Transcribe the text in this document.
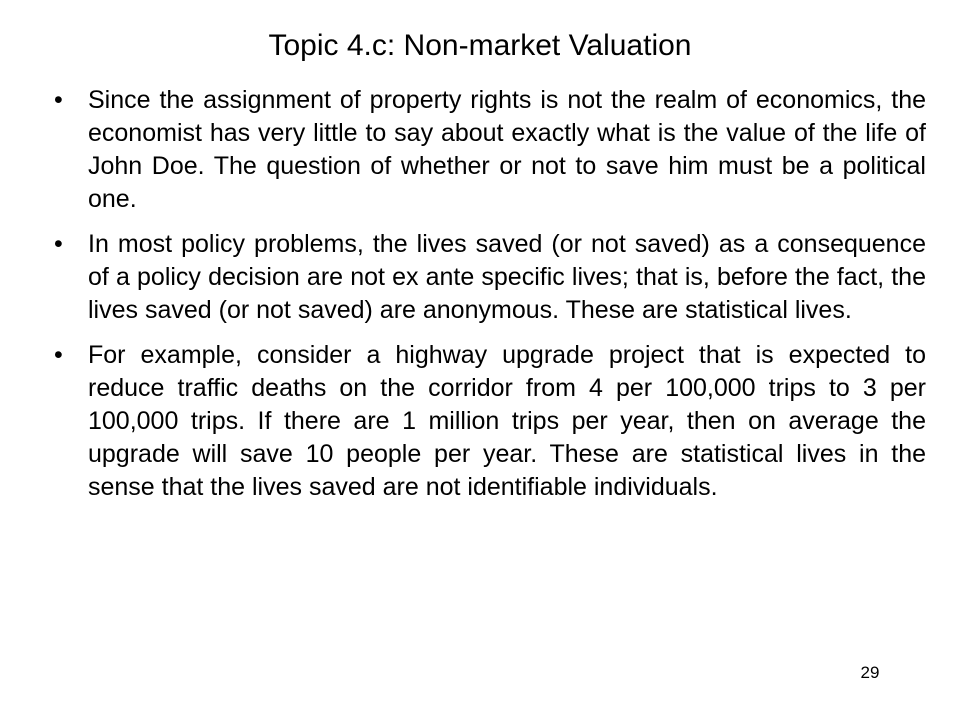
Topic 4.c: Non-market Valuation
• Since the assignment of property rights is not the realm of economics, the economist has very little to say about exactly what is the value of the life of John Doe. The question of whether or not to save him must be a political one.
• In most policy problems, the lives saved (or not saved) as a consequence of a policy decision are not ex ante specific lives; that is, before the fact, the lives saved (or not saved) are anonymous. These are statistical lives.
• For example, consider a highway upgrade project that is expected to reduce traffic deaths on the corridor from 4 per 100,000 trips to 3 per 100,000 trips. If there are 1 million trips per year, then on average the upgrade will save 10 people per year. These are statistical lives in the sense that the lives saved are not identifiable individuals.
29
